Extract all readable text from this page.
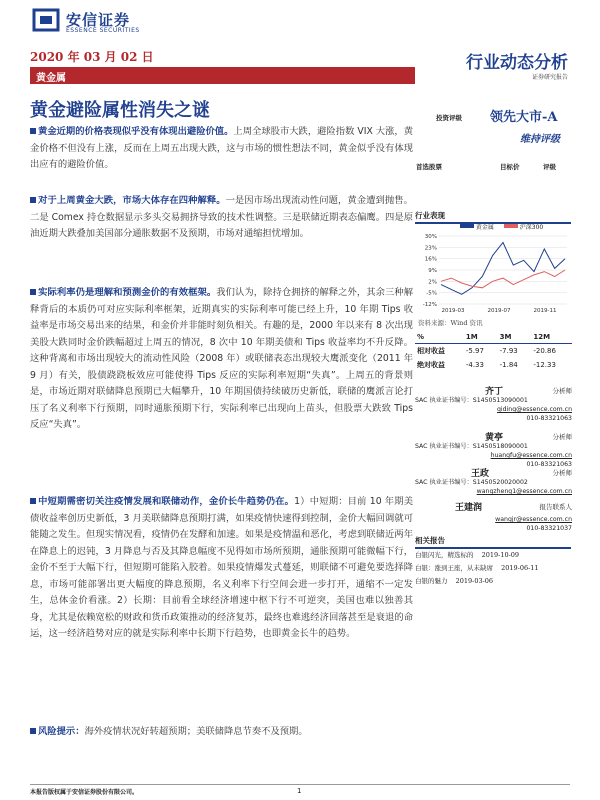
安信证券
ESSENCE SECURITIES
2020 年 03 月 02 日	行业动态分析
证券研究报告
黄金属
黄金避险属性消失之谜
黄金近期的价格表现似乎没有体现出避险价值。上周全球股市大跌，避险指数 VIX 大涨，黄金价格不但没有上涨，反而在上周五出现大跌，这与市场的惯性想法不同，黄金似乎没有体现出应有的避险价值。
对于上周黄金大跌，市场大体存在四种解释。一是因市场出现流动性问题，黄金遭到抛售。二是 Comex 持仓数据显示多头交易拥挤导致的技术性调整。三是联储近期表态偏鹰。四是原油近期大跌叠加美国部分通胀数据不及预期，市场对通缩担忧增加。
实际利率仍是理解和预测金价的有效框架。我们认为，除持仓拥挤的解释之外，其余三种解释背后的本质仍可对应实际利率框架，近期真实的实际利率可能已经上升，10 年期 Tips 收益率是市场交易出来的结果，和金价并非能时刻负相关。有趣的是，2000 年以来有 8 次出现美股大跌同时金价跌幅超过上周五的情况，8 次中 10 年期美债和 Tips 收益率均不升反降。这种背离和市场出现较大的流动性风险（2008 年）或联储表态出现较大鹰派变化（2011 年 9 月）有关，股债跷跷板效应可能使得 Tips 反应的实际利率短期“失真”。上周五的背景则是，市场近期对联储降息预期已大幅攀升，10 年期国债持续破历史新低，联储的鹰派言论打压了名义利率下行预期，同时通胀预期下行，实际利率已出现向上苗头，但股票大跌致 Tips 反应“失真”。
中短期需密切关注疫情发展和联储动作，金价长牛趋势仍在。1）中短期：目前 10 年期美债收益率创历史新低，3 月美联储降息预期打满，如果疫情快速得到控制，金价大幅回调就可能随之发生。但现实情况看，疫情仍在发酵和加速。如果是疫情温和恶化，考虑到联储近两年在降息上的迟钝，3 月降息与否及其降息幅度不见得如市场所预期，通胀预期可能微幅下行，金价不至于大幅下行，但短期可能陷入胶着。如果疫情爆发式蔓延，则联储不可避免要选择降息，市场可能部署出更大幅度的降息预期，名义利率下行空间会进一步打开，通缩不一定发生，总体金价看涨。2）长期：目前看全球经济增速中枢下行不可逆突，美国也难以独善其身，尤其是依赖宽松的财政和货币政策推动的经济复苏，最终也难逃经济回落甚至是衰退的命运，这一经济趋势对应的就是实际利率中长期下行趋势，也即黄金长牛的趋势。
风险提示：海外疫情状况好转超预期；美联储降息节奏不及预期。
投资评级 领先大市-A
维持评级
首选股票	目标价	评级
行业表现
黄金属	沪深300
30%
23%
16%
9%
2%
-5%
-12%
2019-03	2019-07	2019-11
资料来源：Wind 资讯
%	1M	3M	12M
相对收益	-5.97	-7.93	-20.86
绝对收益	-4.33	-1.84	-12.33
齐丁	分析师
SAC 执业证书编号：S1450513090001
qiding@essence.com.cn
010-83321063
黄亭	分析师
SAC 执业证书编号：S1450518090001
huangfu@essence.com.cn
010-83321063
王政	分析师
SAC 执业证书编号：S1450520020002
wangzheng1@essence.com.cn
王建润	报告联系人
wangjr@essence.com.cn
010-83321037
相关报告
白银闪光，精选标的 2019-10-09
白银：涨到王座，从未缺席 2019-06-11
白银的魅力 2019-03-06
本报告版权属于安信证券股份有限公司。	1
